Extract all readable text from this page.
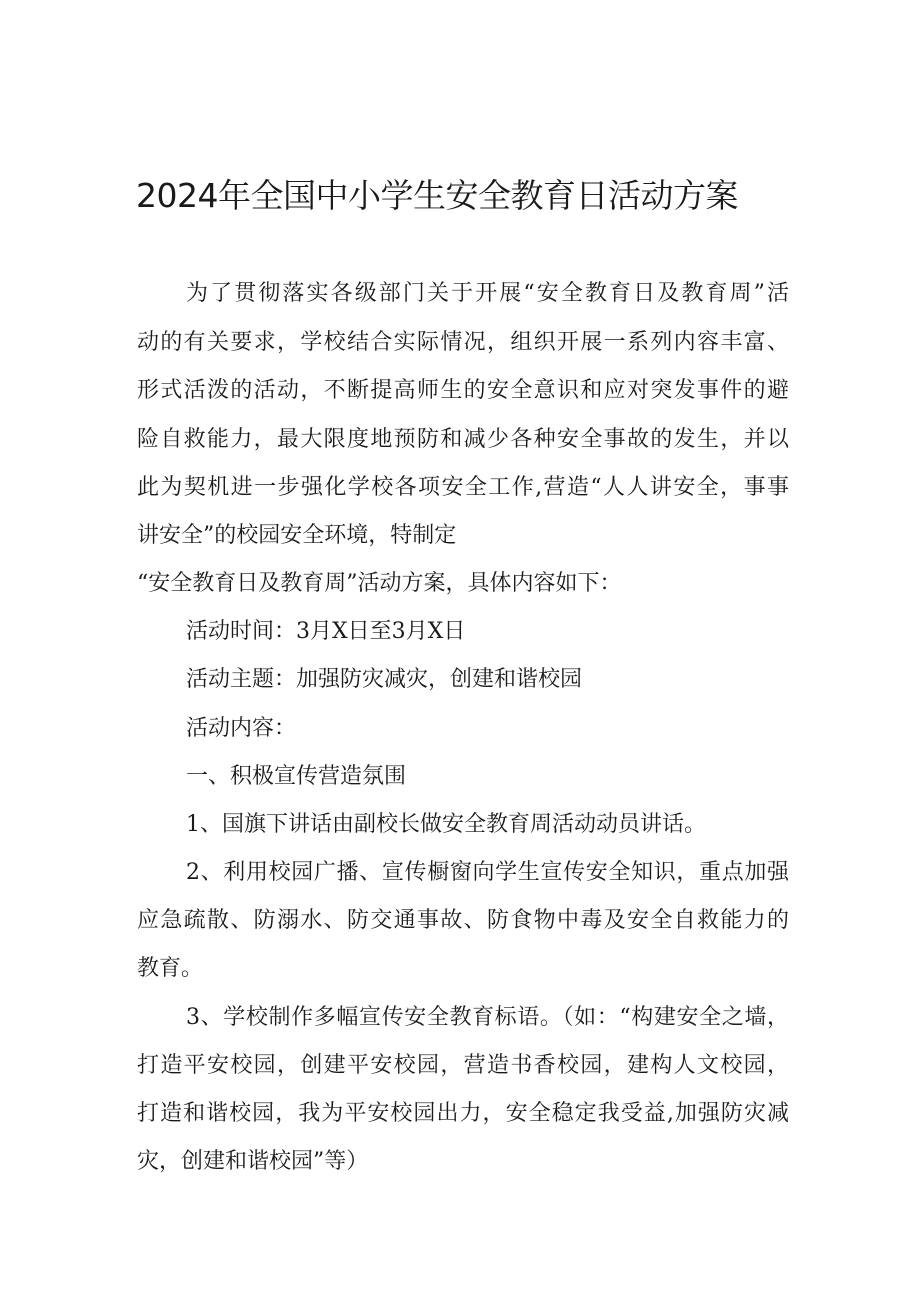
2024年全国中小学生安全教育日活动方案
为了贯彻落实各级部门关于开展“安全教育日及教育周”活
动的有关要求，学校结合实际情况，组织开展一系列内容丰富、
形式活泼的活动，不断提高师生的安全意识和应对突发事件的避
险自救能力，最大限度地预防和减少各种安全事故的发生，并以
此为契机进一步强化学校各项安全工作,营造“人人讲安全，事事
讲安全”的校园安全环境，特制定
“安全教育日及教育周”活动方案，具体内容如下：
活动时间：3月X日至3月X日
活动主题：加强防灾减灾，创建和谐校园
活动内容：
一、积极宣传营造氛围
1、国旗下讲话由副校长做安全教育周活动动员讲话。
2、利用校园广播、宣传橱窗向学生宣传安全知识，重点加强
应急疏散、防溺水、防交通事故、防食物中毒及安全自救能力的
教育。
3、学校制作多幅宣传安全教育标语。（如：“构建安全之墙，
打造平安校园，创建平安校园，营造书香校园，建构人文校园，
打造和谐校园，我为平安校园出力，安全稳定我受益,加强防灾减
灾，创建和谐校园”等）
